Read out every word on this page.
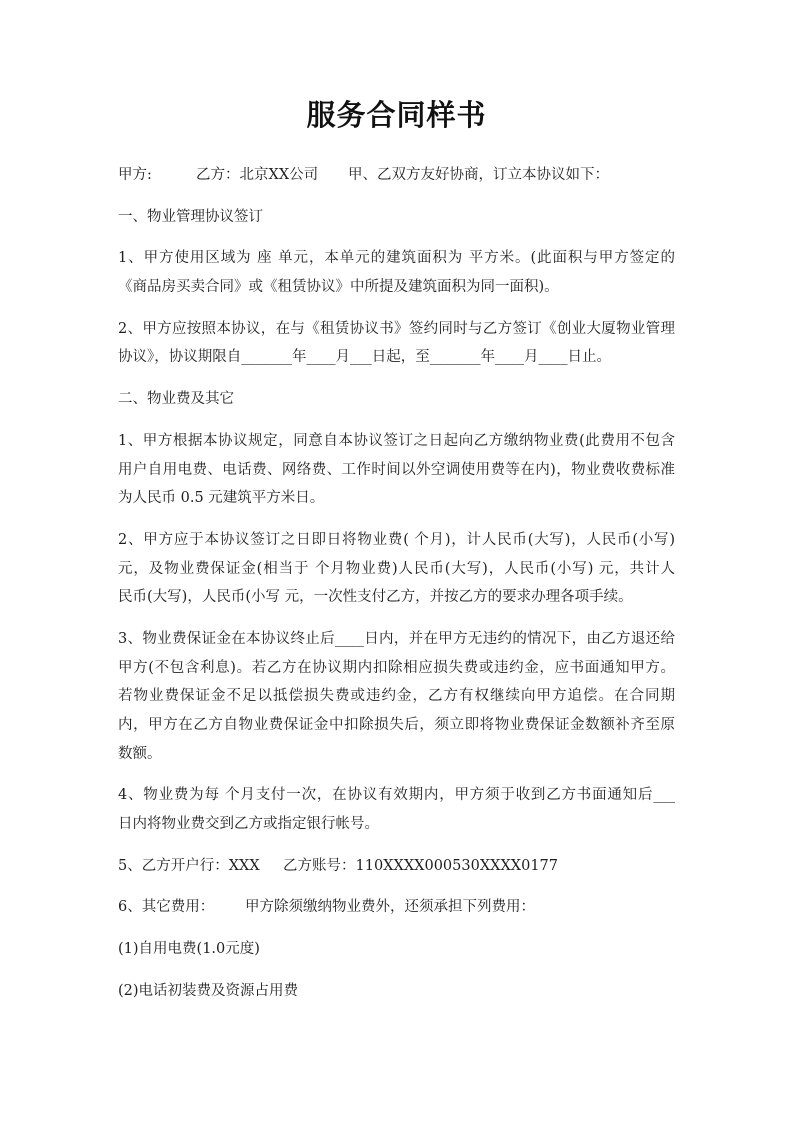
服务合同样书
甲方:	乙方：北京XX公司 甲、乙双方友好协商，订立本协议如下：
一、物业管理协议签订
1、甲方使用区域为 座 单元，本单元的建筑面积为 平方米。(此面积与甲方签定的
《商品房买卖合同》或《租赁协议》中所提及建筑面积为同一面积)。
2、甲方应按照本协议，在与《租赁协议书》签约同时与乙方签订《创业大厦物业管理
协议》，协议期限自_______年____月___日起，至_______年____月____日止。
二、物业费及其它
1、甲方根据本协议规定，同意自本协议签订之日起向乙方缴纳物业费(此费用不包含
用户自用电费、电话费、网络费、工作时间以外空调使用费等在内)，物业费收费标准
为人民币 0.5 元建筑平方米日。
2、甲方应于本协议签订之日即日将物业费( 个月)，计人民币(大写)，人民币(小写)
元，及物业费保证金(相当于 个月物业费)人民币(大写)，人民币(小写) 元，共计人
民币(大写)，人民币(小写 元，一次性支付乙方，并按乙方的要求办理各项手续。
3、物业费保证金在本协议终止后____日内，并在甲方无违约的情况下，由乙方退还给
甲方(不包含利息)。若乙方在协议期内扣除相应损失费或违约金，应书面通知甲方。
若物业费保证金不足以抵偿损失费或违约金，乙方有权继续向甲方追偿。在合同期
内，甲方在乙方自物业费保证金中扣除损失后，须立即将物业费保证金数额补齐至原
数额。
4、物业费为每 个月支付一次，在协议有效期内，甲方须于收到乙方书面通知后___
日内将物业费交到乙方或指定银行帐号。
5、乙方开户行：XXX 乙方账号：110XXXX000530XXXX0177
6、其它费用： 甲方除须缴纳物业费外，还须承担下列费用：
(1)自用电费(1.0元度)
(2)电话初装费及资源占用费
